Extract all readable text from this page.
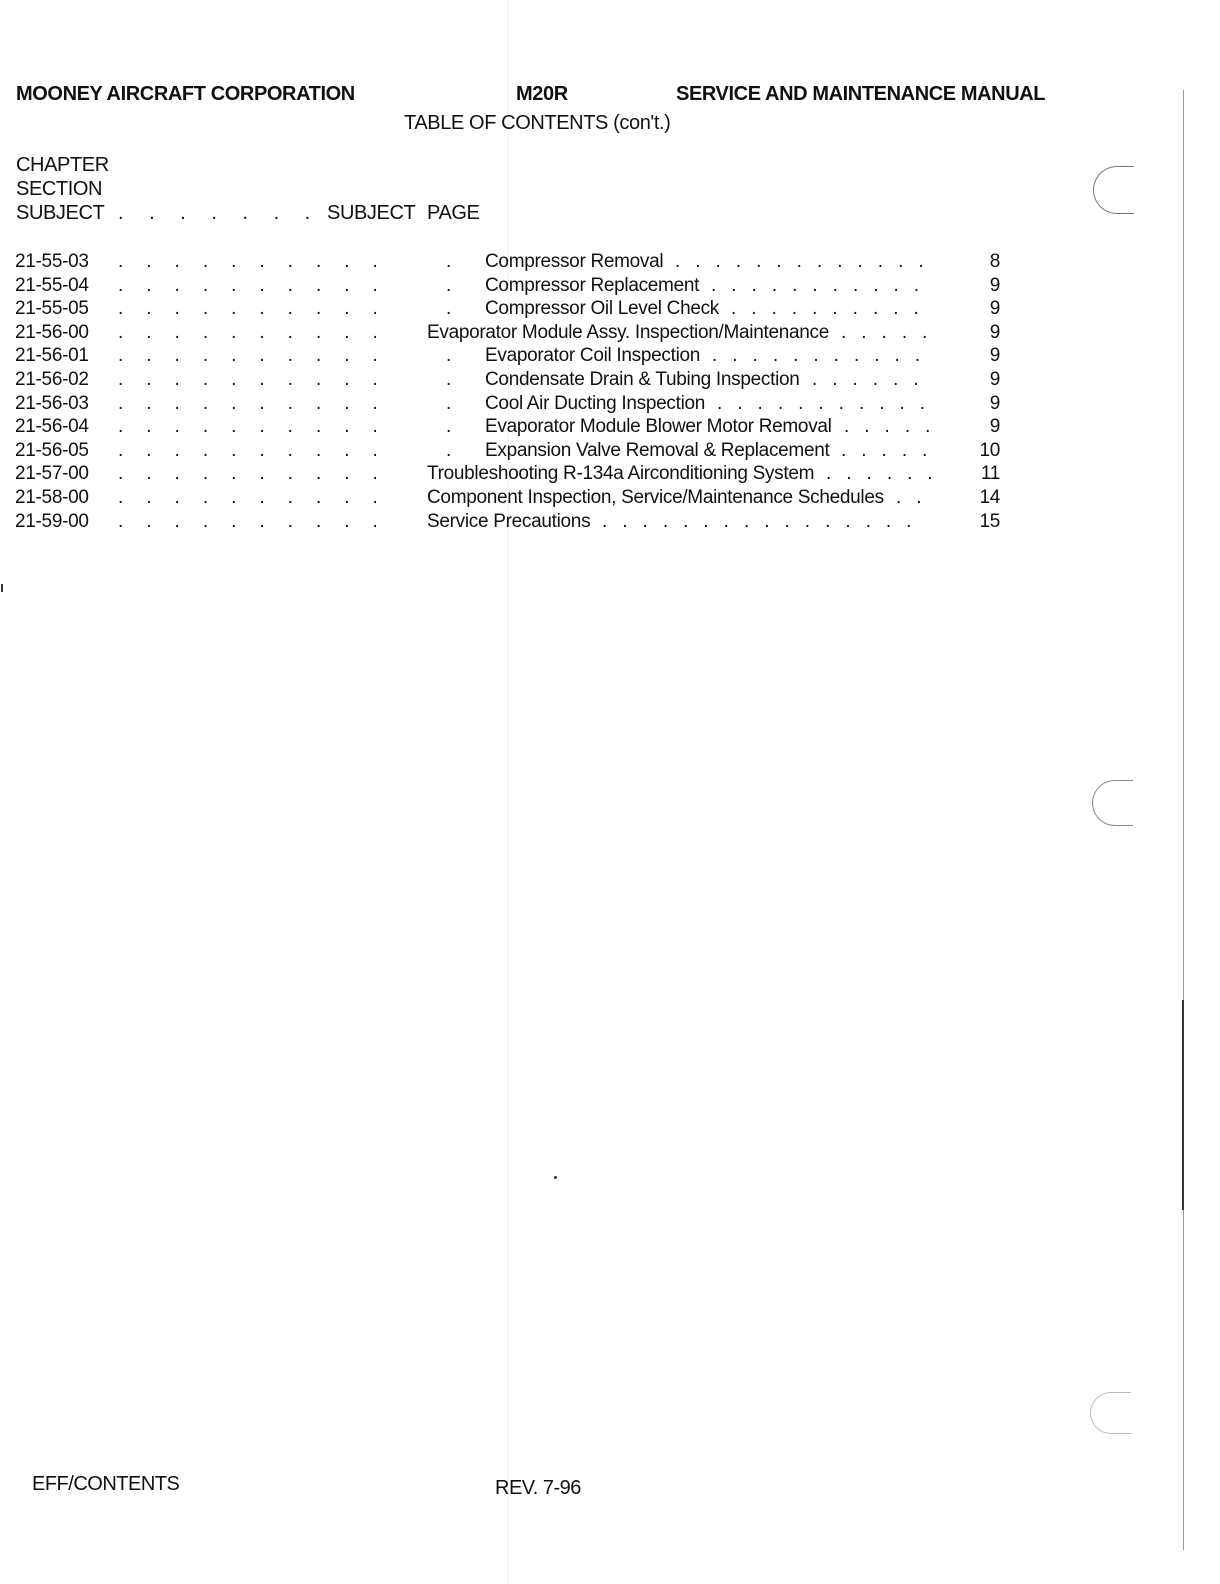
MOONEY AIRCRAFT CORPORATION	M20R	SERVICE AND MAINTENANCE MANUAL
TABLE OF CONTENTS (con't.)
CHAPTER
SECTION
SUBJECT . . . . . . . SUBJECT PAGE
21-55-03 .......... . Compressor Removal .............	8
21-55-04 .......... . Compressor Replacement ...........	9
21-55-05 .......... . Compressor Oil Level Check ..........	9
21-56-00 .......... Evaporator Module Assy. Inspection/Maintenance .....	9
21-56-01 .......... . Evaporator Coil Inspection ...........	9
21-56-02 .......... . Condensate Drain & Tubing Inspection ......	9
21-56-03 .......... . Cool Air Ducting Inspection ...........	9
21-56-04 .......... . Evaporator Module Blower Motor Removal .....	9
21-56-05 .......... . Expansion Valve Removal & Replacement .....	10
21-57-00 .......... Troubleshooting R-134a Airconditioning System ......	11
21-58-00 .......... Component Inspection, Service/Maintenance Schedules ..	14
21-59-00 .......... Service Precautions ................	15
EFF/CONTENTS	REV. 7-96
